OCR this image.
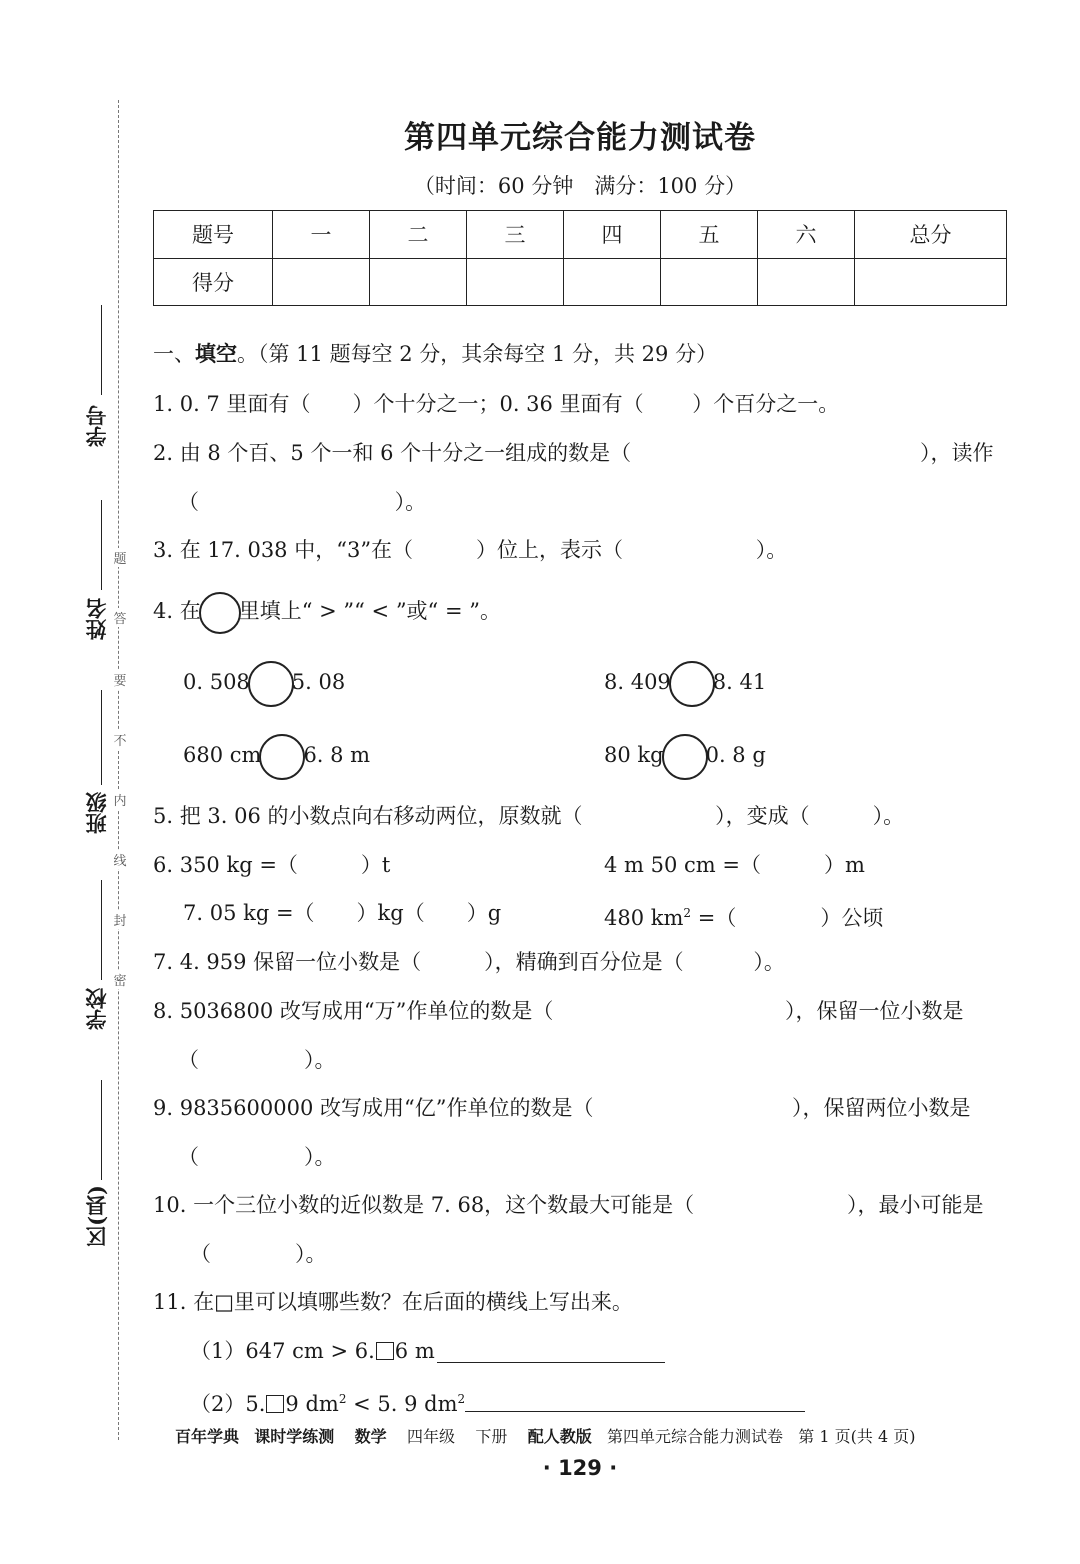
学号
姓名
班级
学校
区(县)
题
答
要
不
内
线
封
密
第四单元综合能力测试卷
（时间：60 分钟　满分：100 分）
题号	一	二	三	四	五	六	总分
得分							
一、填空。（第 11 题每空 2 分，其余每空 1 分，共 29 分）
1. 0. 7 里面有（　　）个十分之一；0. 36 里面有（　　 ）个百分之一。
2. 由 8 个百、5 个一和 6 个十分之一组成的数是（	），读作
（　　　　　　　　　 ）。
3. 在 17. 038 中，“3”在（　　　）位上，表示（　　　　　　 ）。
4. 在 里填上“ > ”“ < ”或“ = ”。
0. 508 5. 08	8. 409 8. 41
680 cm 6. 8 m	80 kg 0. 8 g
5. 把 3. 06 的小数点向右移动两位，原数就（　　　　　　 ），变成（　　　）。
6. 350 kg =（　　　）t	4 m 50 cm =（　　　）m
7. 05 kg =（　　）kg（　　）g	480 $km^2$ =（　　　　）公顷
7. 4. 959 保留一位小数是（　　　），精确到百分位是（　　　 ）。
8. 5036800 改写成用“万”作单位的数是（	），保留一位小数是
（　　　　　）。
9. 9835600000 改写成用“亿”作单位的数是（	），保留两位小数是
（　　　　　）。
10. 一个三位小数的近似数是 7. 68，这个数最大可能是（	），最小可能是
（　　　　）。
11. 在□里可以填哪些数？在后面的横线上写出来。
（1）647 cm > 6. 6 m
（2）5. 9 $dm^2 < 5$. 9 $dm^2$
百年学典 课时学练测 数学 四年级 下册 配人教版 第四单元综合能力测试卷 第 1 页(共 4 页)
· 129 ·
